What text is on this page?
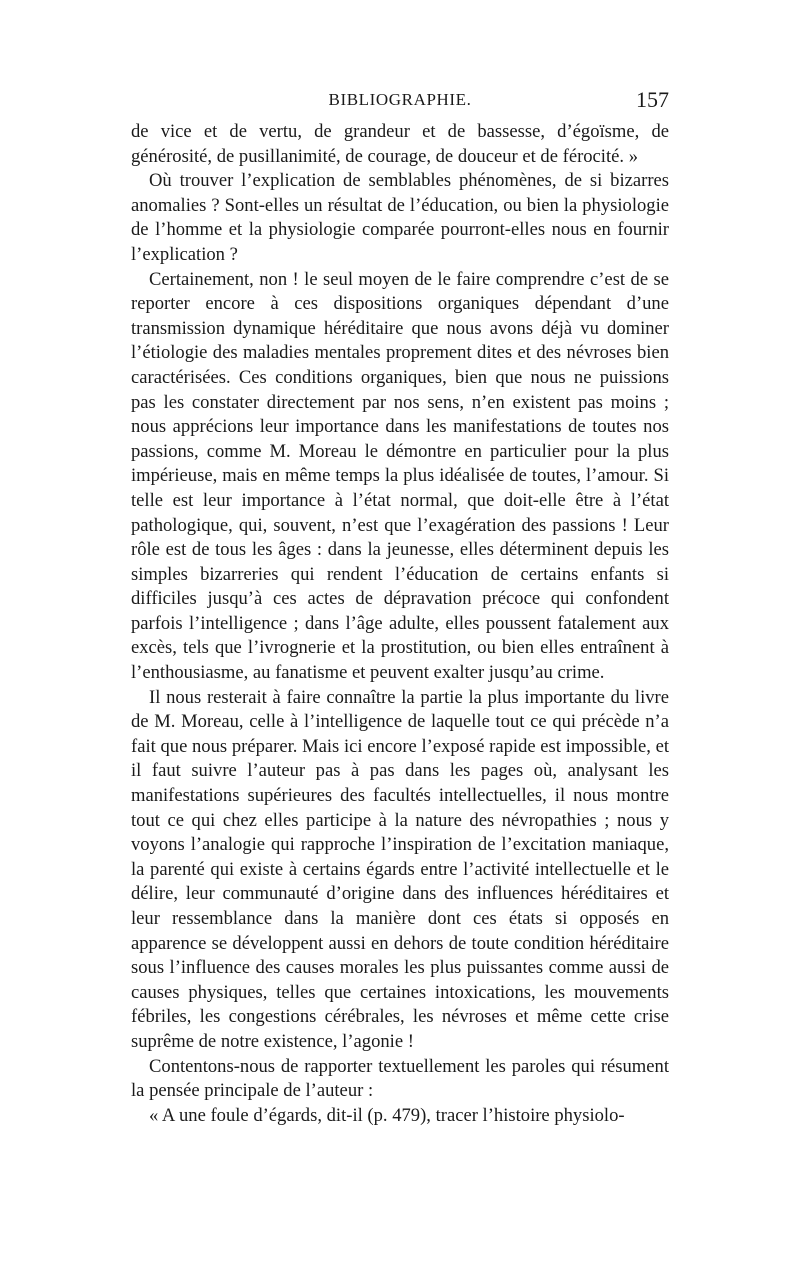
BIBLIOGRAPHIE.	157

de vice et de vertu, de grandeur et de bassesse, d’égoïsme, de générosité, de pusillanimité, de courage, de douceur et de férocité. »

Où trouver l’explication de semblables phénomènes, de si bizarres anomalies ? Sont-elles un résultat de l’éducation, ou bien la physiologie de l’homme et la physiologie comparée pourront-elles nous en fournir l’explication ?

Certainement, non ! le seul moyen de le faire comprendre c’est de se reporter encore à ces dispositions organiques dépendant d’une transmission dynamique héréditaire que nous avons déjà vu dominer l’étiologie des maladies mentales proprement dites et des névroses bien caractérisées. Ces conditions organiques, bien que nous ne puissions pas les constater directement par nos sens, n’en existent pas moins ; nous apprécions leur importance dans les manifestations de toutes nos passions, comme M. Moreau le démontre en particulier pour la plus impérieuse, mais en même temps la plus idéalisée de toutes, l’amour. Si telle est leur importance à l’état normal, que doit-elle être à l’état pathologique, qui, souvent, n’est que l’exagération des passions ! Leur rôle est de tous les âges : dans la jeunesse, elles déterminent depuis les simples bizarreries qui rendent l’éducation de certains enfants si difficiles jusqu’à ces actes de dépravation précoce qui confondent parfois l’intelligence ; dans l’âge adulte, elles poussent fatalement aux excès, tels que l’ivrognerie et la prostitution, ou bien elles entraînent à l’enthousiasme, au fanatisme et peuvent exalter jusqu’au crime.

Il nous resterait à faire connaître la partie la plus importante du livre de M. Moreau, celle à l’intelligence de laquelle tout ce qui précède n’a fait que nous préparer. Mais ici encore l’exposé rapide est impossible, et il faut suivre l’auteur pas à pas dans les pages où, analysant les manifestations supérieures des facultés intellectuelles, il nous montre tout ce qui chez elles participe à la nature des névropathies ; nous y voyons l’analogie qui rapproche l’inspiration de l’excitation maniaque, la parenté qui existe à certains égards entre l’activité intellectuelle et le délire, leur communauté d’origine dans des influences héréditaires et leur ressemblance dans la manière dont ces états si opposés en apparence se développent aussi en dehors de toute condition héréditaire sous l’influence des causes morales les plus puissantes comme aussi de causes physiques, telles que certaines intoxications, les mouvements fébriles, les congestions cérébrales, les névroses et même cette crise suprême de notre existence, l’agonie !

Contentons-nous de rapporter textuellement les paroles qui résument la pensée principale de l’auteur :

« A une foule d’égards, dit-il (p. 479), tracer l’histoire physiolo-
